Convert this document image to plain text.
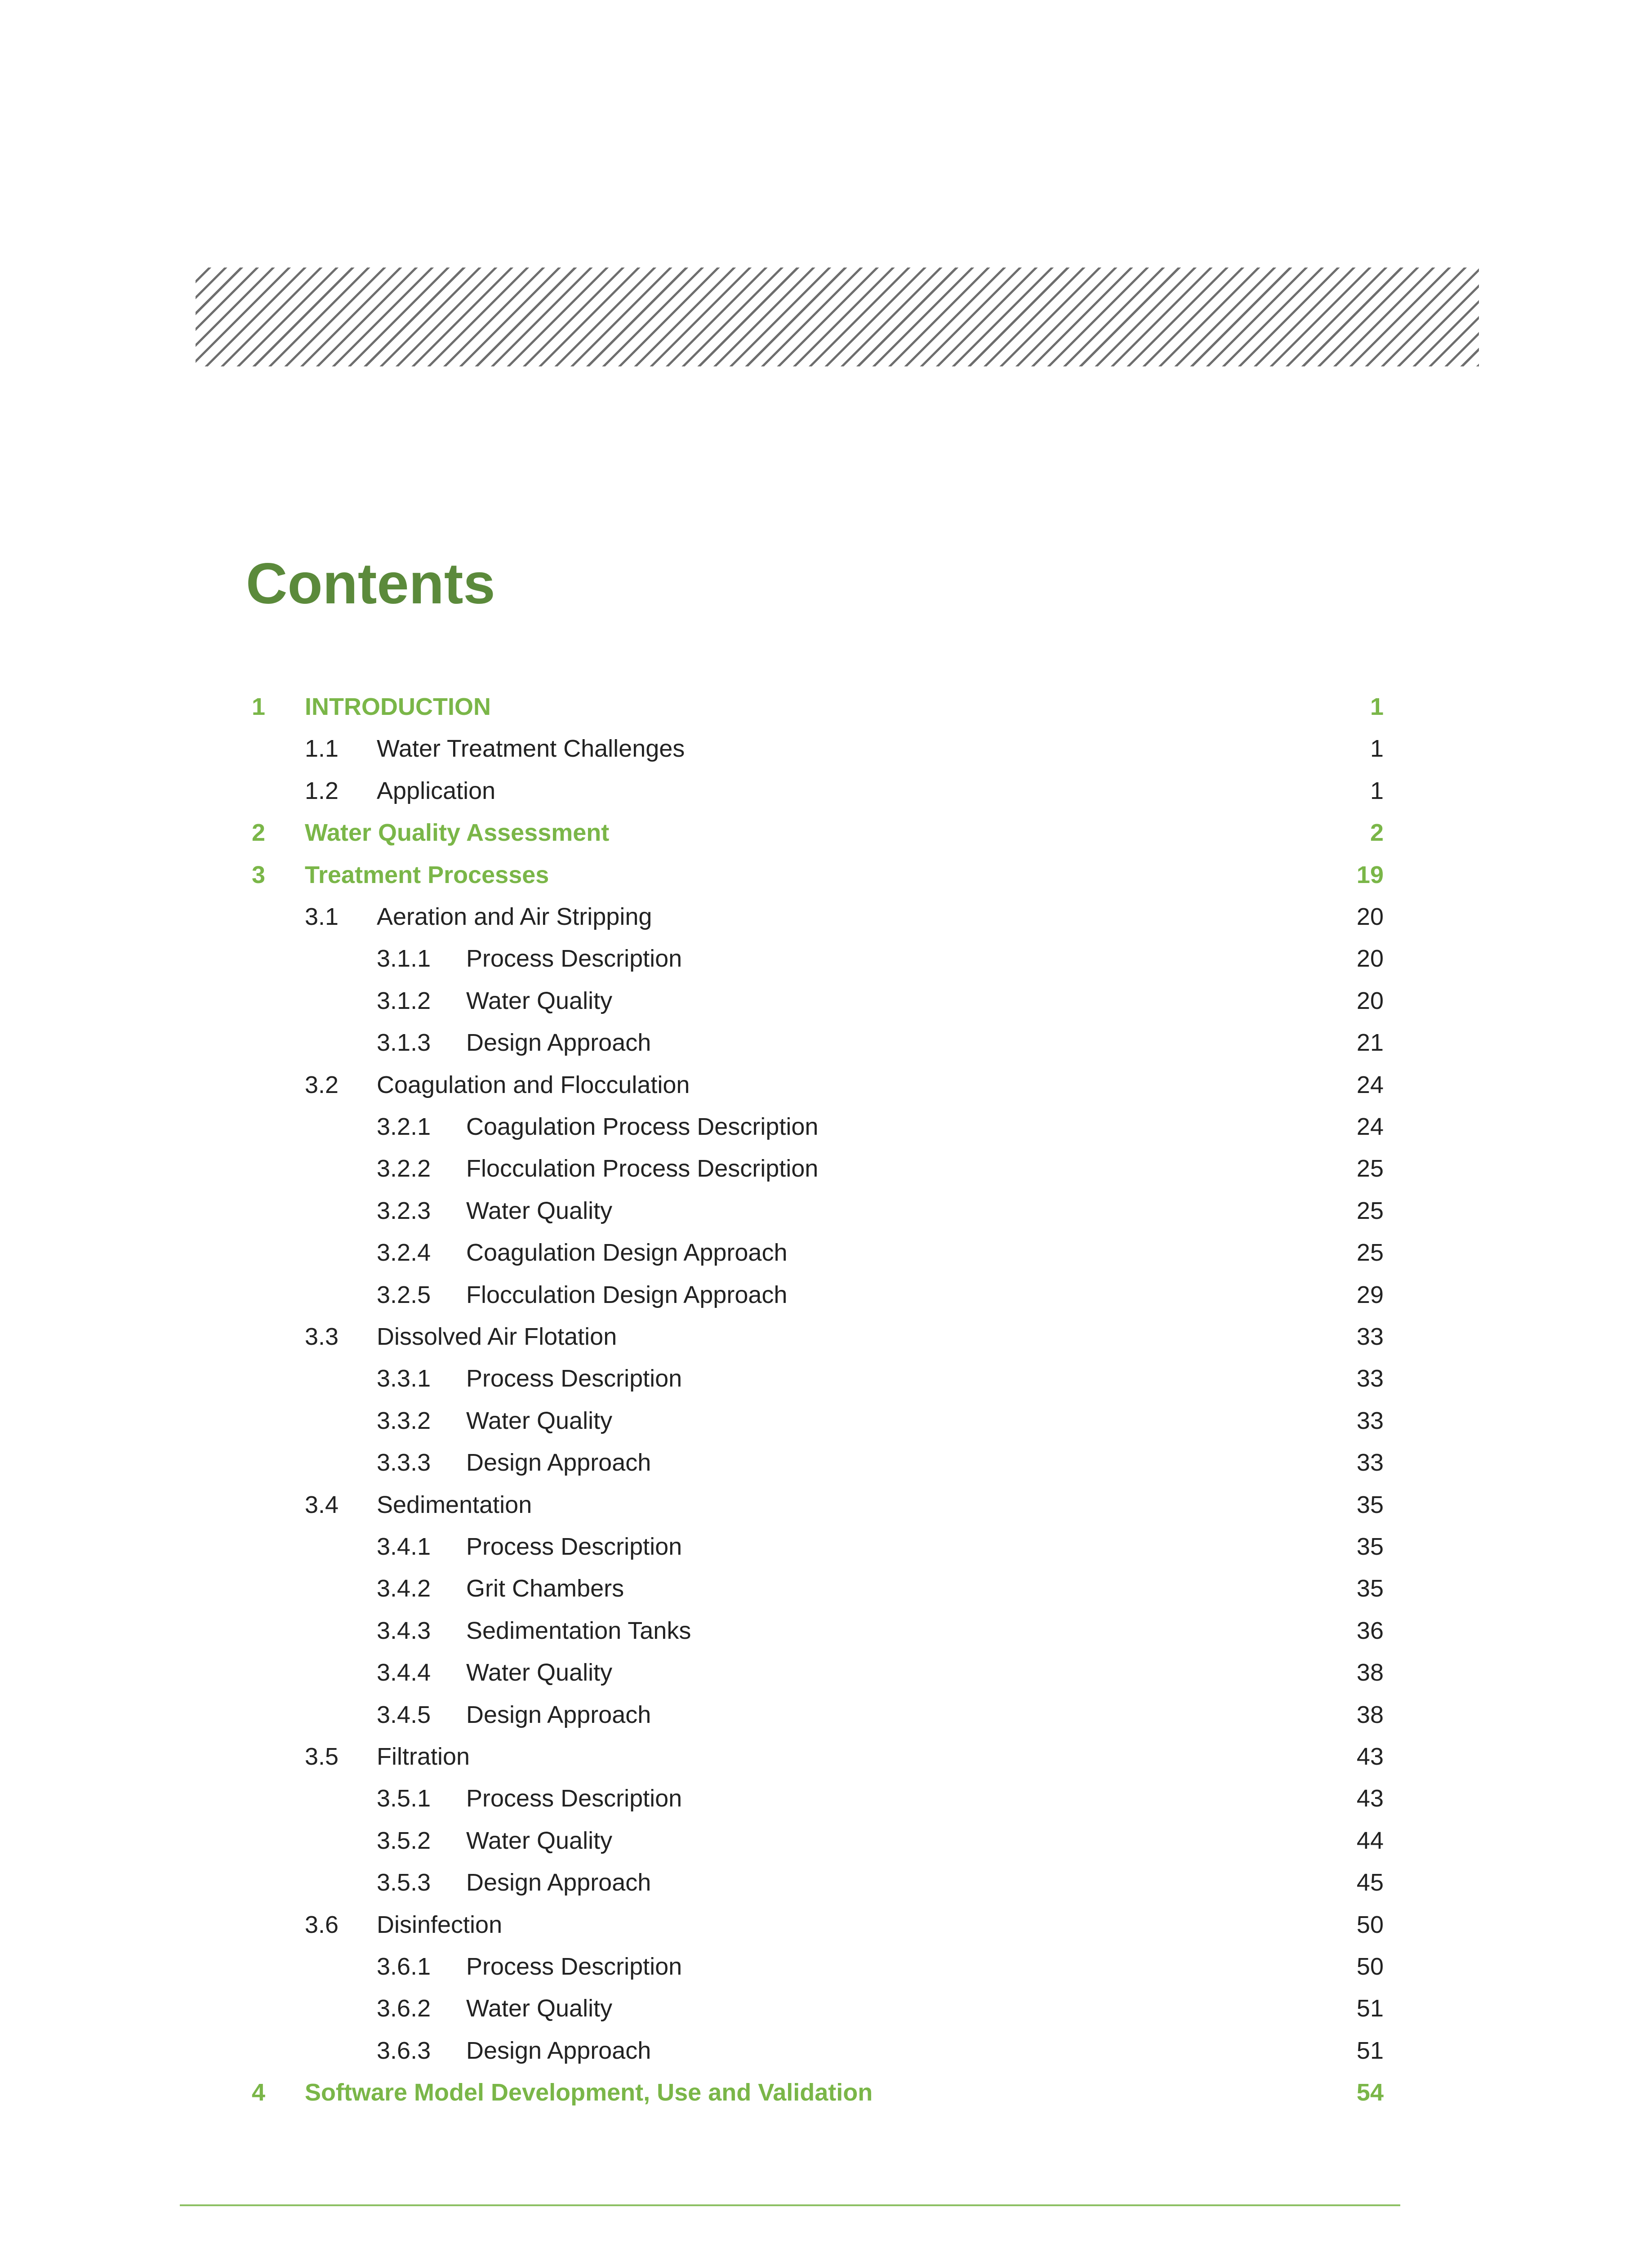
Contents
1 INTRODUCTION	1
1.1 Water Treatment Challenges	1
1.2 Application	1
2 Water Quality Assessment	2
3 Treatment Processes	19
3.1 Aeration and Air Stripping	20
3.1.1 Process Description	20
3.1.2 Water Quality	20
3.1.3 Design Approach	21
3.2 Coagulation and Flocculation	24
3.2.1 Coagulation Process Description	24
3.2.2 Flocculation Process Description	25
3.2.3 Water Quality	25
3.2.4 Coagulation Design Approach	25
3.2.5 Flocculation Design Approach	29
3.3 Dissolved Air Flotation	33
3.3.1 Process Description	33
3.3.2 Water Quality	33
3.3.3 Design Approach	33
3.4 Sedimentation	35
3.4.1 Process Description	35
3.4.2 Grit Chambers	35
3.4.3 Sedimentation Tanks	36
3.4.4 Water Quality	38
3.4.5 Design Approach	38
3.5 Filtration	43
3.5.1 Process Description	43
3.5.2 Water Quality	44
3.5.3 Design Approach	45
3.6 Disinfection	50
3.6.1 Process Description	50
3.6.2 Water Quality	51
3.6.3 Design Approach	51
4 Software Model Development, Use and Validation	54
